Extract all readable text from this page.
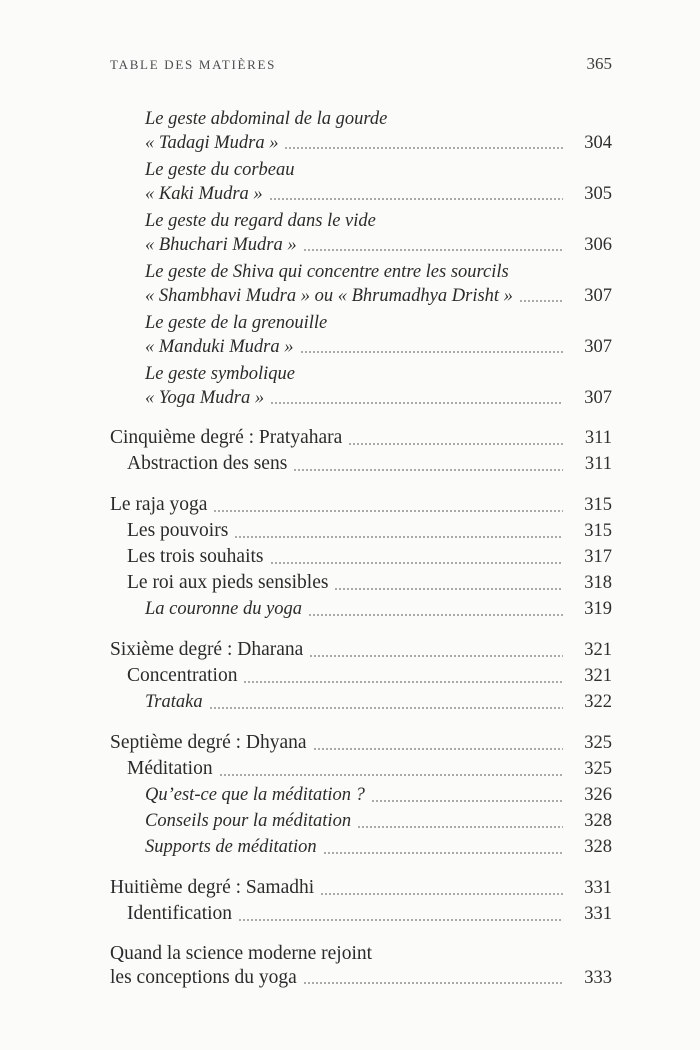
TABLE DES MATIÈRES	365
Le geste abdominal de la gourde
« Tadagi Mudra »	304
Le geste du corbeau
« Kaki Mudra »	305
Le geste du regard dans le vide
« Bhuchari Mudra »	306
Le geste de Shiva qui concentre entre les sourcils
« Shambhavi Mudra » ou « Bhrumadhya Drisht »	307
Le geste de la grenouille
« Manduki Mudra »	307
Le geste symbolique
« Yoga Mudra »	307
Cinquième degré : Pratyahara	311
Abstraction des sens	311
Le raja yoga	315
Les pouvoirs	315
Les trois souhaits	317
Le roi aux pieds sensibles	318
La couronne du yoga	319
Sixième degré : Dharana	321
Concentration	321
Trataka	322
Septième degré : Dhyana	325
Méditation	325
Qu’est-ce que la méditation ?	326
Conseils pour la méditation	328
Supports de méditation	328
Huitième degré : Samadhi	331
Identification	331
Quand la science moderne rejoint
les conceptions du yoga	333
